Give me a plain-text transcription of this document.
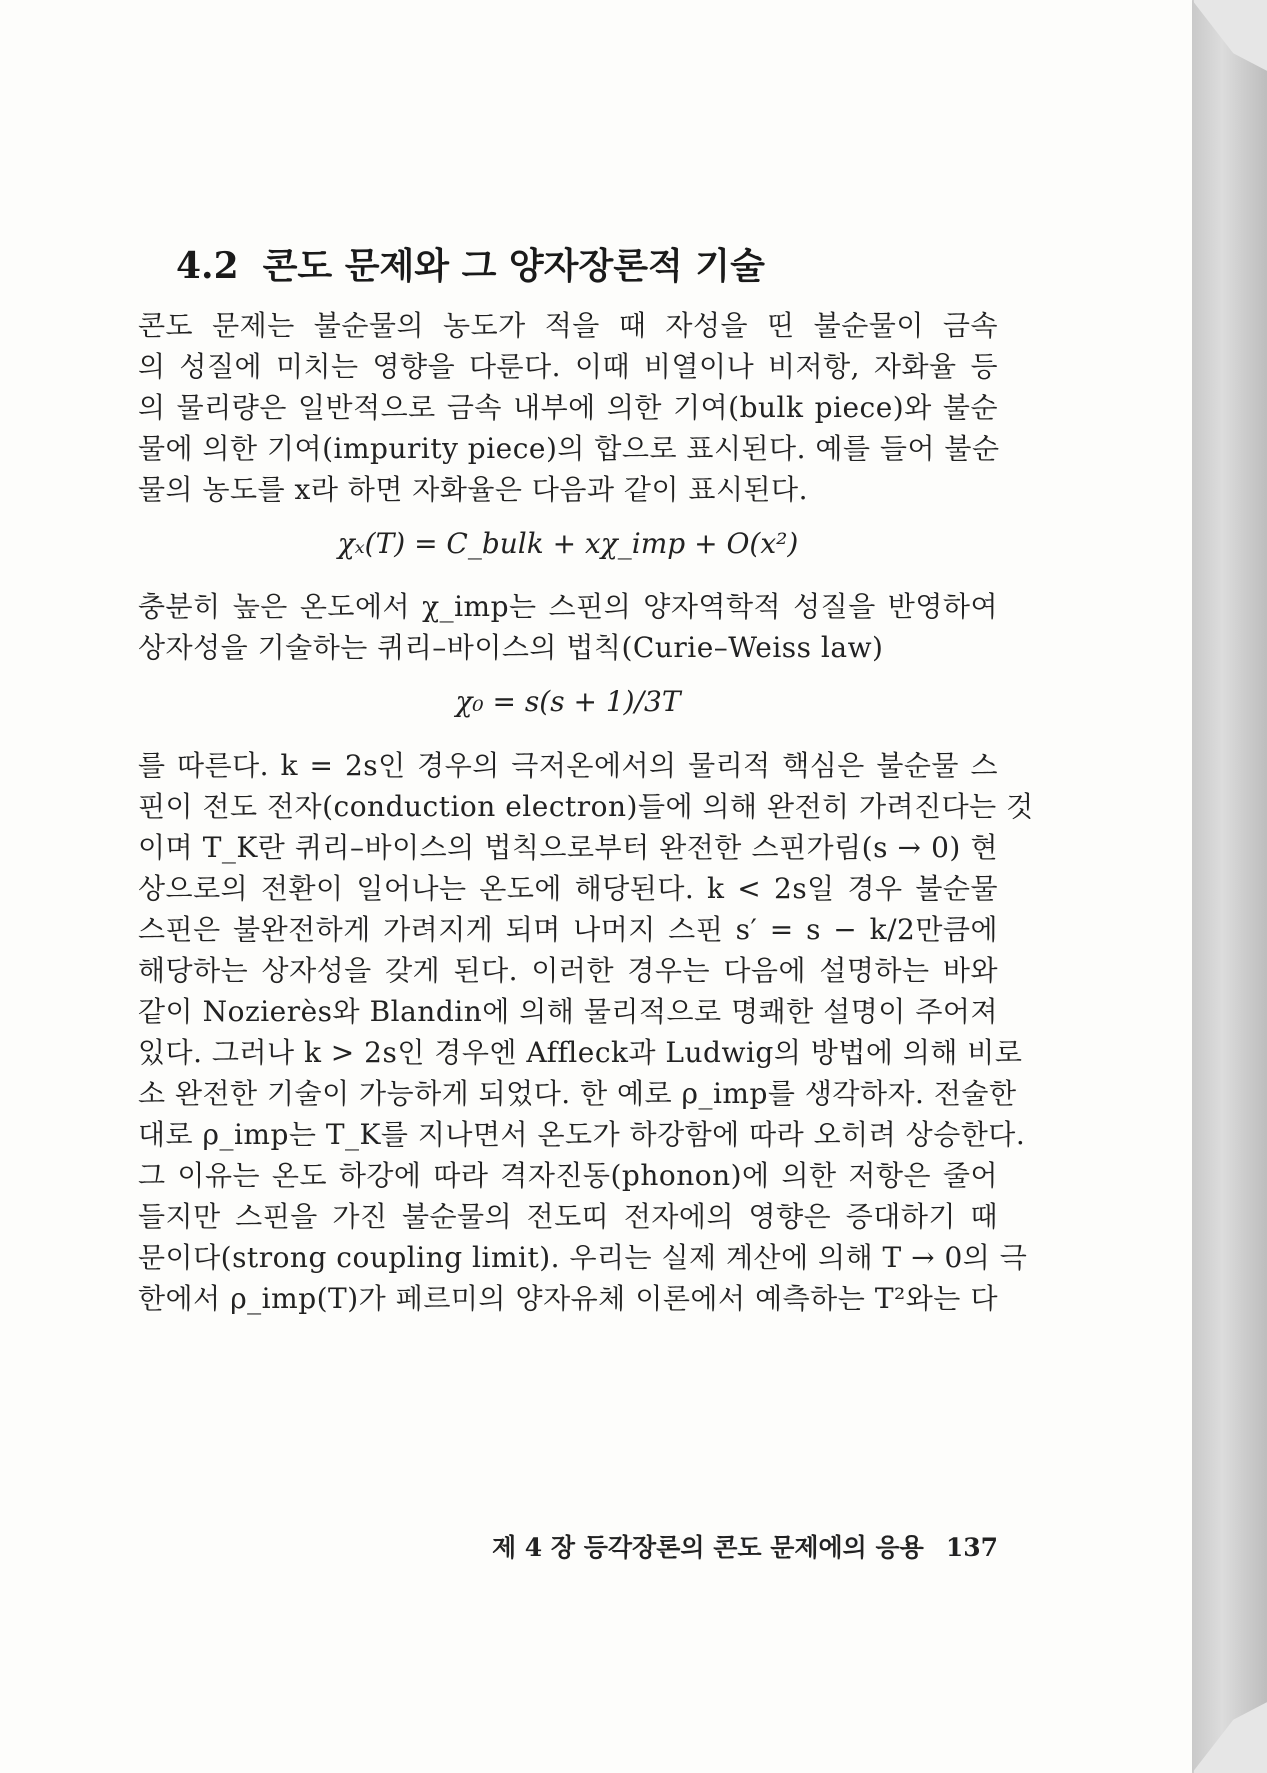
4.2 콘도 문제와 그 양자장론적 기술
콘도 문제는 불순물의 농도가 적을 때 자성을 띤 불순물이 금속
의 성질에 미치는 영향을 다룬다. 이때 비열이나 비저항, 자화율 등
의 물리량은 일반적으로 금속 내부에 의한 기여(bulk piece)와 불순
물에 의한 기여(impurity piece)의 합으로 표시된다. 예를 들어 불순
물의 농도를 x라 하면 자화율은 다음과 같이 표시된다.
χₓ(T) = C_bulk + xχ_imp + O(x²)
충분히 높은 온도에서 χ_imp는 스핀의 양자역학적 성질을 반영하여
상자성을 기술하는 퀴리–바이스의 법칙(Curie–Weiss law)
χ₀ = s(s + 1)/3T
를 따른다. k = 2s인 경우의 극저온에서의 물리적 핵심은 불순물 스
핀이 전도 전자(conduction electron)들에 의해 완전히 가려진다는 것
이며 T_K란 퀴리–바이스의 법칙으로부터 완전한 스핀가림(s → 0) 현
상으로의 전환이 일어나는 온도에 해당된다. k < 2s일 경우 불순물
스핀은 불완전하게 가려지게 되며 나머지 스핀 s′ = s − k/2만큼에
해당하는 상자성을 갖게 된다. 이러한 경우는 다음에 설명하는 바와
같이 Nozierès와 Blandin에 의해 물리적으로 명쾌한 설명이 주어져
있다. 그러나 k > 2s인 경우엔 Affleck과 Ludwig의 방법에 의해 비로
소 완전한 기술이 가능하게 되었다. 한 예로 ρ_imp를 생각하자. 전술한
대로 ρ_imp는 T_K를 지나면서 온도가 하강함에 따라 오히려 상승한다.
그 이유는 온도 하강에 따라 격자진동(phonon)에 의한 저항은 줄어
들지만 스핀을 가진 불순물의 전도띠 전자에의 영향은 증대하기 때
문이다(strong coupling limit). 우리는 실제 계산에 의해 T → 0의 극
한에서 ρ_imp(T)가 페르미의 양자유체 이론에서 예측하는 T²와는 다
제 4 장 등각장론의 콘도 문제에의 응용 137
